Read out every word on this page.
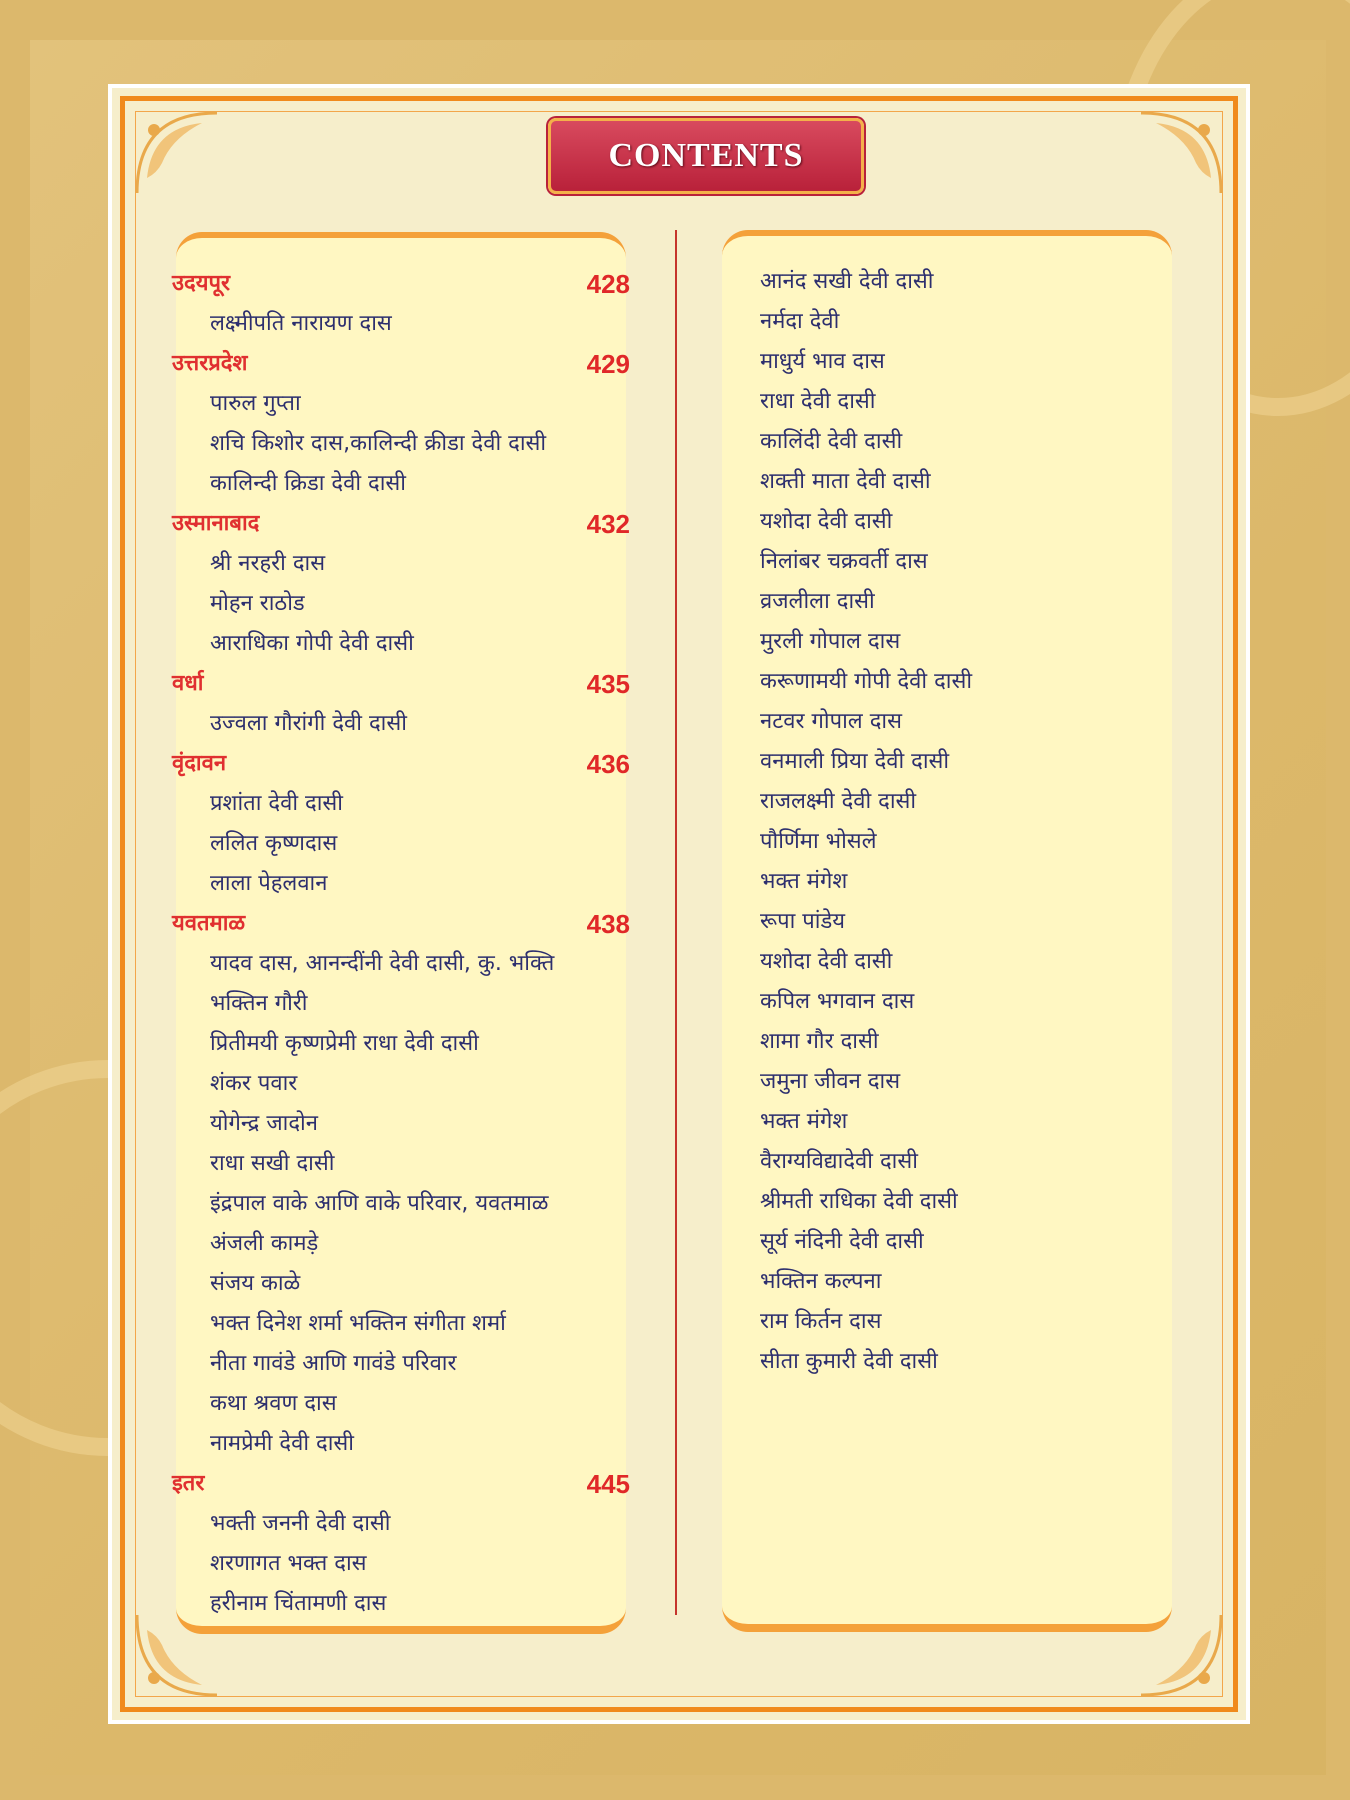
CONTENTS
उदयपूर	428
लक्ष्मीपति नारायण दास
उत्तरप्रदेश	429
पारुल गुप्ता
शचि किशोर दास,कालिन्दी क्रीडा देवी दासी
कालिन्दी क्रिडा देवी दासी
उस्मानाबाद	432
श्री नरहरी दास
मोहन राठोड
आराधिका गोपी देवी दासी
वर्धा	435
उज्वला गौरांगी देवी दासी
वृंदावन	436
प्रशांता देवी दासी
ललित कृष्णदास
लाला पेहलवान
यवतमाळ	438
यादव दास, आनन्दींनी देवी दासी, कु. भक्ति
भक्तिन गौरी
प्रितीमयी कृष्णप्रेमी राधा देवी दासी
शंकर पवार
योगेन्द्र जादोन
राधा सखी दासी
इंद्रपाल वाके आणि वाके परिवार, यवतमाळ
अंजली कामडे़
संजय काळे
भक्त दिनेश शर्मा भक्तिन संगीता शर्मा
नीता गावंडे आणि गावंडे परिवार
कथा श्रवण दास
नामप्रेमी देवी दासी
इतर	445
भक्ती जननी देवी दासी
शरणागत भक्त दास
हरीनाम चिंतामणी दास
आनंद सखी देवी दासी
नर्मदा देवी
माधुर्य भाव दास
राधा देवी दासी
कालिंदी देवी दासी
शक्ती माता देवी दासी
यशोदा देवी दासी
निलांबर चक्रवर्ती दास
व्रजलीला दासी
मुरली गोपाल दास
करूणामयी गोपी देवी दासी
नटवर गोपाल दास
वनमाली प्रिया देवी दासी
राजलक्ष्मी देवी दासी
पौर्णिमा भोसले
भक्त मंगेश
रूपा पांडेय
यशोदा देवी दासी
कपिल भगवान दास
शामा गौर दासी
जमुना जीवन दास
भक्त मंगेश
वैराग्यविद्यादेवी दासी
श्रीमती राधिका देवी दासी
सूर्य नंदिनी देवी दासी
भक्तिन कल्पना
राम किर्तन दास
सीता कुमारी देवी दासी
